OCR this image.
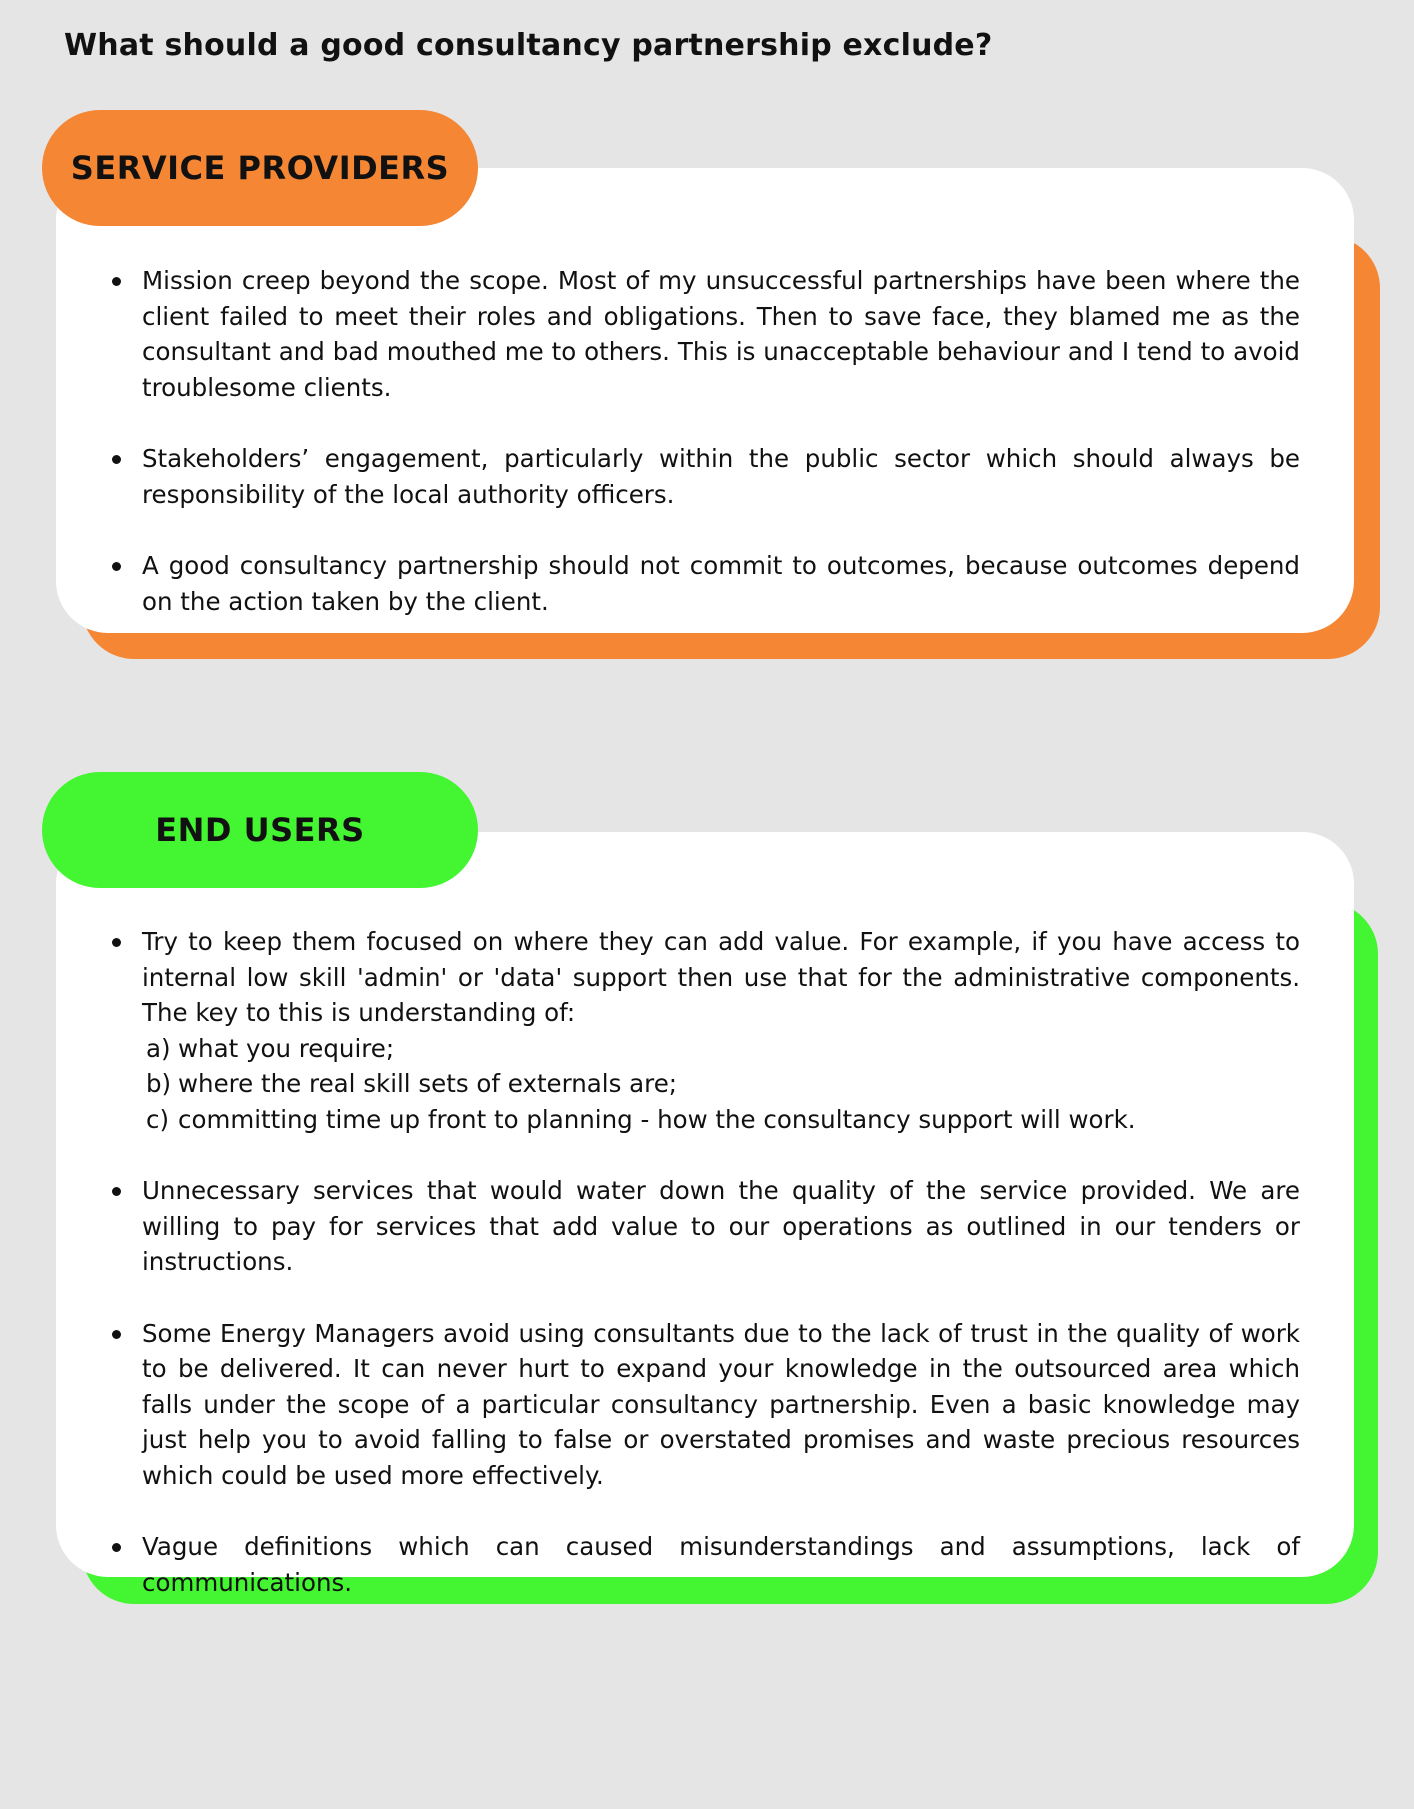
What should a good consultancy partnership exclude?
SERVICE PROVIDERS
Mission creep beyond the scope. Most of my unsuccessful partnerships have been where the client failed to meet their roles and obligations. Then to save face, they blamed me as the consultant and bad mouthed me to others. This is unacceptable behaviour and I tend to avoid troublesome clients.
Stakeholders’ engagement, particularly within the public sector which should always be responsibility of the local authority officers.
A good consultancy partnership should not commit to outcomes, because outcomes depend on the action taken by the client.
END USERS
Try to keep them focused on where they can add value. For example, if you have access to internal low skill 'admin' or 'data' support then use that for the administrative components. The key to this is understanding of:
a) what you require;
b) where the real skill sets of externals are;
c) committing time up front to planning - how the consultancy support will work.
Unnecessary services that would water down the quality of the service provided. We are willing to pay for services that add value to our operations as outlined in our tenders or instructions.
Some Energy Managers avoid using consultants due to the lack of trust in the quality of work to be delivered. It can never hurt to expand your knowledge in the outsourced area which falls under the scope of a particular consultancy partnership. Even a basic knowledge may just help you to avoid falling to false or overstated promises and waste precious resources which could be used more effectively.
Vague definitions which can caused misunderstandings and assumptions, lack of communications.
